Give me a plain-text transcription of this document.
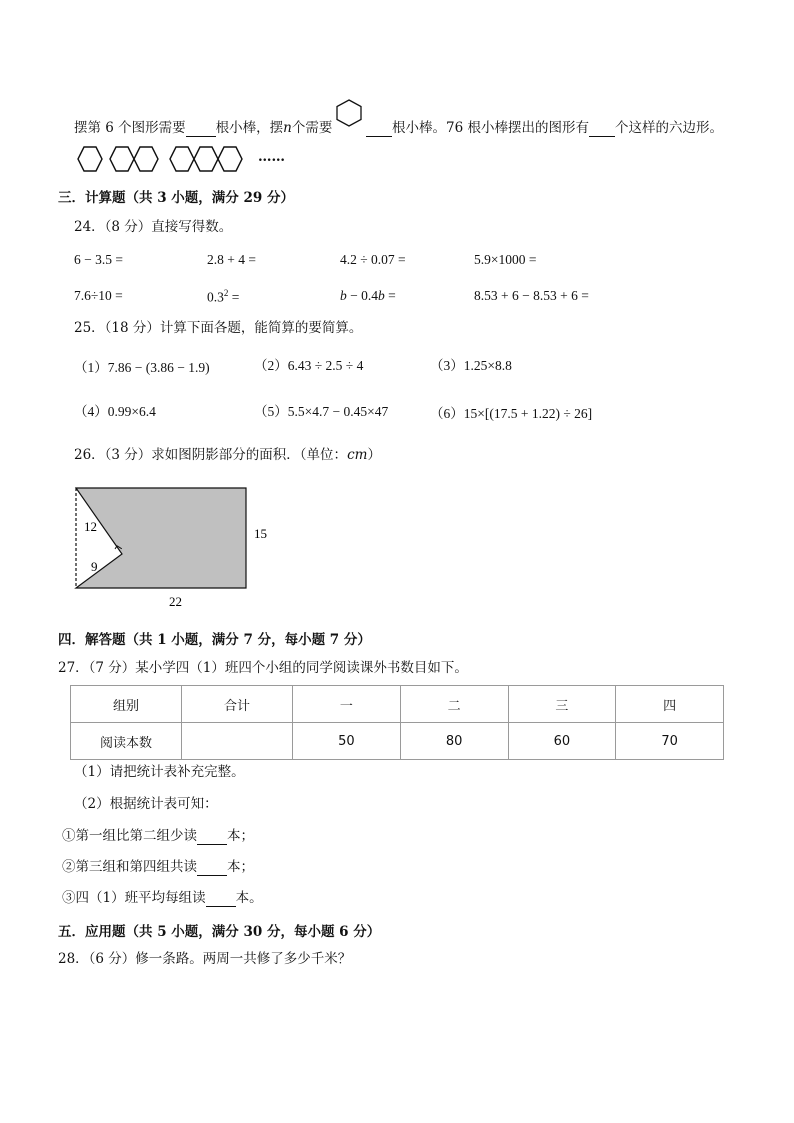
摆第 6 个图形需要 根小棒，摆n个需要	根小棒。76 根小棒摆出的图形有 个这样的六边形。
……
三．计算题（共 3 小题，满分 29 分）
24．（8 分）直接写得数。
6 − 3.5 =	2.8 + 4 =	4.2 ÷ 0.07 =	5.9×1000 =
7.6÷10 =	$0.3^2$ =	b − 0.4b =	8.53 + 6 − 8.53 + 6 =
25．（18 分）计算下面各题，能简算的要简算。
（1）7.86 − (3.86 − 1.9)	（2）6.43 ÷ 2.5 ÷ 4	（3）1.25×8.8
（4）0.99×6.4	（5）5.5×4.7 − 0.45×47	（6）15×[(17.5 + 1.22) ÷ 26]
26．（3 分）求如图阴影部分的面积．（单位：cm）
12
9
15
22
四．解答题（共 1 小题，满分 7 分，每小题 7 分）
27．（7 分）某小学四（1）班四个小组的同学阅读课外书数目如下。
组别	合计	一	二	三	四
阅读本数		50	80	60	70
（1）请把统计表补充完整。
（2）根据统计表可知：
①第一组比第二组少读 本；
②第三组和第四组共读 本；
③四（1）班平均每组读 本。
五．应用题（共 5 小题，满分 30 分，每小题 6 分）
28．（6 分）修一条路。两周一共修了多少千米？
